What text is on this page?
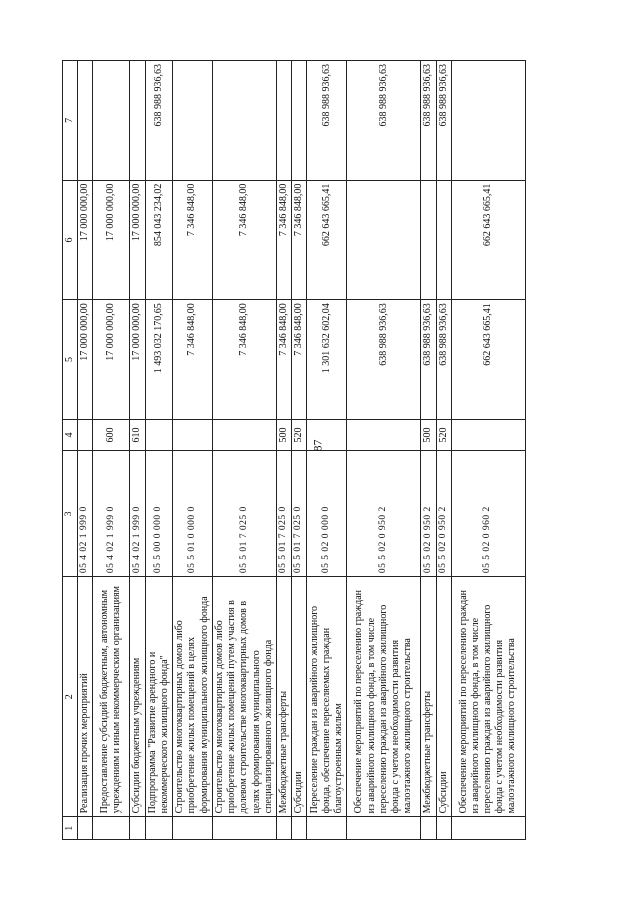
87
1	2	3	4	5	6	7
	Реализация прочих мероприятий	05 4 02 1 999 0		17 000 000,00	17 000 000,00	
	Предоставление субсидий бюджетным, автономным учреждениям и иным некоммерческим организациям	05 4 02 1 999 0	600	17 000 000,00	17 000 000,00	
	Субсидии бюджетным учреждениям	05 4 02 1 999 0	610	17 000 000,00	17 000 000,00	
	Подпрограмма "Развитие арендного и некоммерческого жилищного фонда"	05 5 00 0 000 0		1 493 032 170,65	854 043 234,02	638 988 936,63
	Строительство многоквартирных домов либо приобретение жилых помещений в целях формирования муниципального жилищного фонда	05 5 01 0 000 0		7 346 848,00	7 346 848,00	
	Строительство многоквартирных домов либо приобретение жилых помещений путем участия в долевом строительстве многоквартирных домов в целях формирования муниципального специализированного жилищного фонда	05 5 01 7 025 0		7 346 848,00	7 346 848,00	
	Межбюджетные трансферты	05 5 01 7 025 0	500	7 346 848,00	7 346 848,00	
	Субсидии	05 5 01 7 025 0	520	7 346 848,00	7 346 848,00	
	Переселение граждан из аварийного жилищного фонда, обеспечение переселяемых граждан благоустроенным жильем	05 5 02 0 000 0		1 301 632 602,04	662 643 665,41	638 988 936,63
	Обеспечение мероприятий по переселению граждан из аварийного жилищного фонда, в том числе переселению граждан из аварийного жилищного фонда с учетом необходимости развития малоэтажного жилищного строительства	05 5 02 0 950 2		638 988 936,63		638 988 936,63
	Межбюджетные трансферты	05 5 02 0 950 2	500	638 988 936,63		638 988 936,63
	Субсидии	05 5 02 0 950 2	520	638 988 936,63		638 988 936,63
	Обеспечение мероприятий по переселению граждан из аварийного жилищного фонда, в том числе переселению граждан из аварийного жилищного фонда с учетом необходимости развития малоэтажного жилищного строительства	05 5 02 0 960 2		662 643 665,41	662 643 665,41	
